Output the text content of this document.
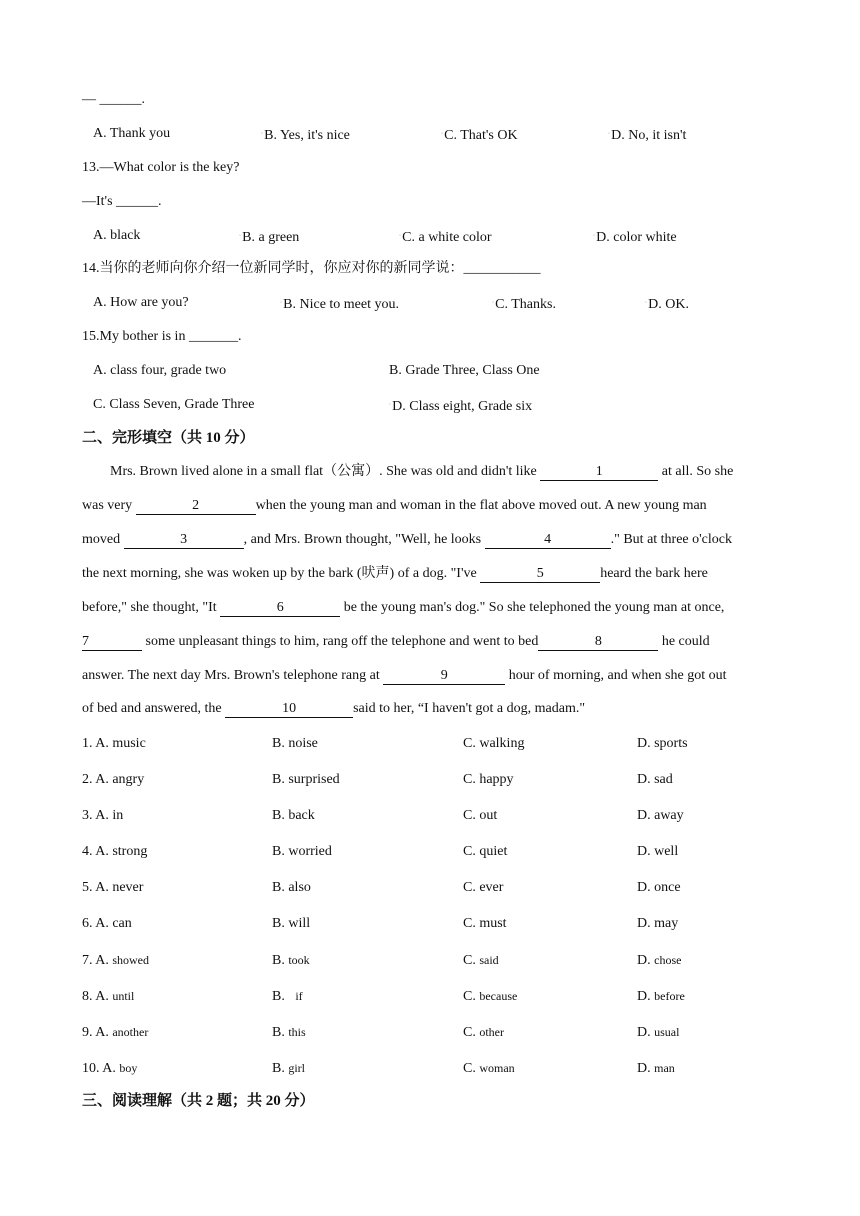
— ______.
A. Thank you	◦B. Yes, it's nice	◦C. That's OK	◦D. No, it isn't
13.—What color is the key?
—It's ______.
A. black	◦B. a green	◦C. a white color	◦D. color white
14.当你的老师向你介绍一位新同学时，你应对你的新同学说：___________
A. How are you?	◦B. Nice to meet you.	◦C. Thanks.	◦D. OK.
15.My bother is in _______.
A. class four, grade two	B. Grade Three, Class One
C. Class Seven, Grade Three	◦D. Class eight, Grade six
二、完形填空（共 10 分）
Mrs. Brown lived alone in a small flat（公寓）. She was old and didn't like	1	at all. So she
was very	2	when the young man and woman in the flat above moved out. A new young man
moved	3	, and Mrs. Brown thought, "Well, he looks	4	." But at three o'clock
the next morning, she was woken up by the bark (吠声) of a dog. "I've	5	heard the bark here
before," she thought, "It	6	be the young man's dog." So she telephoned the young man at once,
7	some unpleasant things to him, rang off the telephone and went to bed	8	he could
answer. The next day Mrs. Brown's telephone rang at	9	hour of morning, and when she got out
of bed and answered, the	10	said to her, “I haven't got a dog, madam."
1. A. music	B. noise	C. walking	D. sports
2. A. angry	B. surprised	C. happy	D. sad
3. A. in	B. back	C. out	D. away
4. A. strong	B. worried	C. quiet	D. well
5. A. never	B. also	C. ever	D. once
6. A. can	B. will	C. must	D. may
7. A. showed	B. took	C. said	D. chose
8. A. until	B. if	C. because	D. before
9. A. another	B. this	C. other	D. usual
10. A. boy	B. girl	C. woman	D. man
三、阅读理解（共 2 题；共 20 分）
